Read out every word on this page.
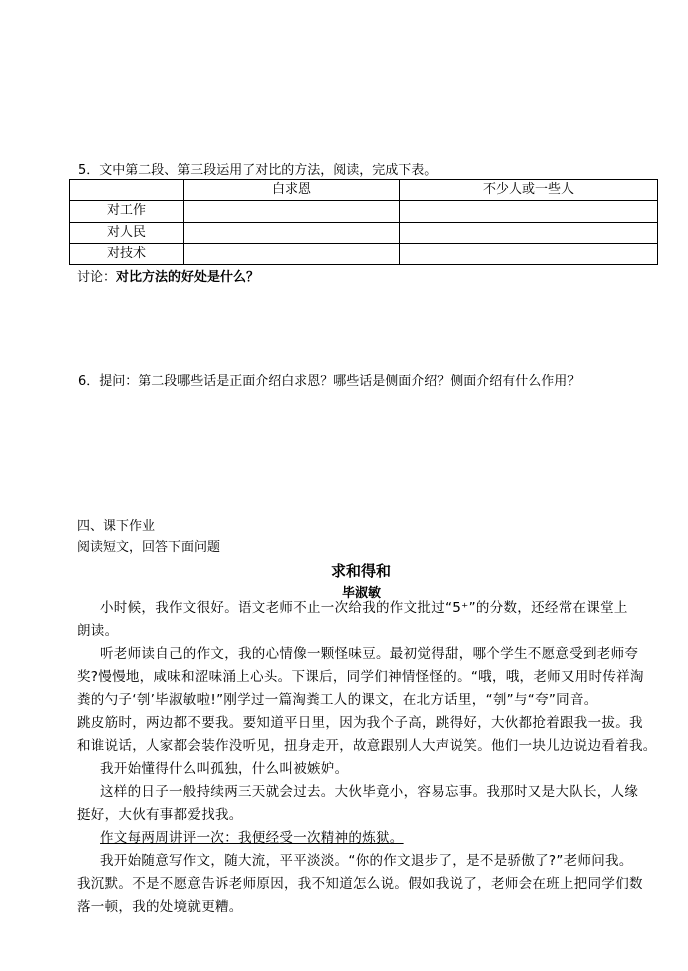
5．文中第二段、第三段运用了对比的方法，阅读，完成下表。
	白求恩	不少人或一些人
对工作		
对人民		
对技术		
讨论：对比方法的好处是什么？
6．提问：第二段哪些话是正面介绍白求恩？哪些话是侧面介绍？侧面介绍有什么作用？
四、课下作业
阅读短文，回答下面问题
求和得和
毕淑敏

小时候，我作文很好。语文老师不止一次给我的作文批过“5⁺”的分数，还经常在课堂上

朗读。

听老师读自己的作文，我的心情像一颗怪味豆。最初觉得甜，哪个学生不愿意受到老师夸

奖?慢慢地，咸味和涩味涌上心头。下课后，同学们神情怪怪的。“哦，哦，老师又用时传祥淘

粪的勺子‘刳’毕淑敏啦!”刚学过一篇淘粪工人的课文，在北方话里，“刳”与“夸”同音。

跳皮筋时，两边都不要我。要知道平日里，因为我个子高，跳得好，大伙都抢着跟我一拔。我

和谁说话，人家都会装作没听见，扭身走开，故意跟别人大声说笑。他们一块儿边说边看着我。

我开始懂得什么叫孤独，什么叫被嫉妒。

这样的日子一般持续两三天就会过去。大伙毕竟小，容易忘事。我那时又是大队长，人缘

挺好，大伙有事都爱找我。

作文每两周讲评一次：我便经受一次精神的炼狱。

我开始随意写作文，随大流，平平淡淡。“你的作文退步了，是不是骄傲了?”老师问我。

我沉默。不是不愿意告诉老师原因，我不知道怎么说。假如我说了，老师会在班上把同学们数

落一顿，我的处境就更糟。
